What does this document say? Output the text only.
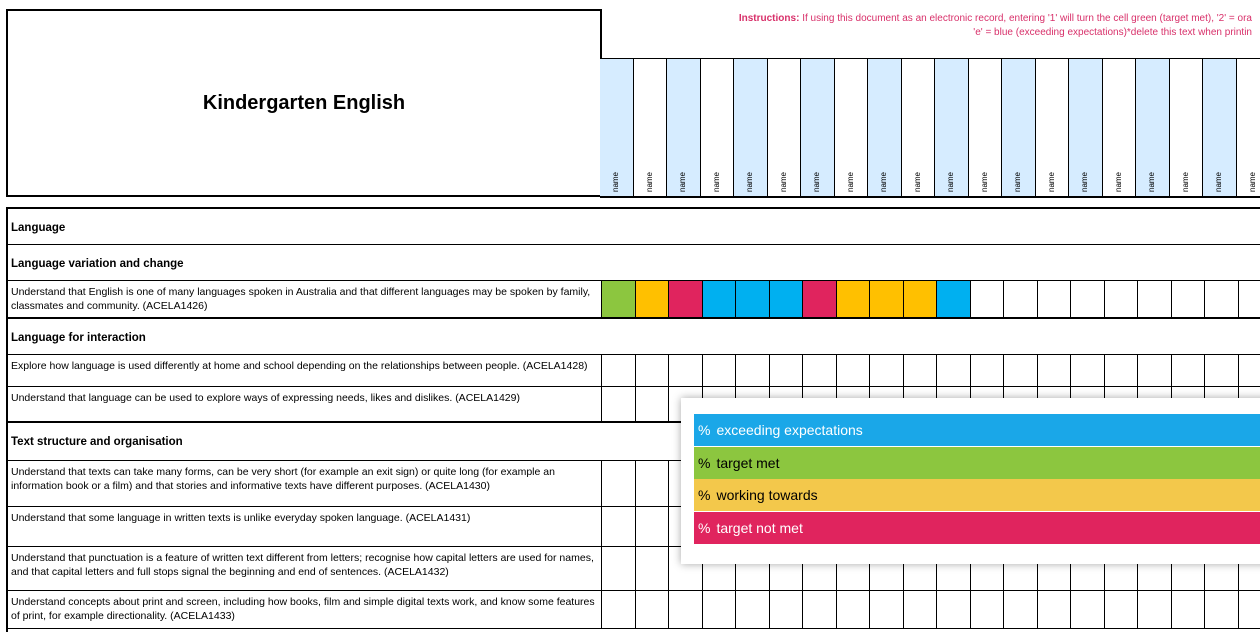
Kindergarten English
Instructions: If using this document as an electronic record, entering '1' will turn the cell green (target met), '2' = ora
'e' = blue (exceeding expectations)*delete this text when printin
name	name	name	name	name	name	name	name	name	name	name	name	name	name	name	name	name	name	name	name
Language
Language variation and change
Understand that English is one of many languages spoken in Australia and that different languages may be spoken by family, classmates and community. (ACELA1426)
Language for interaction
Explore how language is used differently at home and school depending on the relationships between people. (ACELA1428)
Understand that language can be used to explore ways of expressing needs, likes and dislikes. (ACELA1429)
Text structure and organisation
Understand that texts can take many forms, can be very short (for example an exit sign) or quite long (for example an information book or a film) and that stories and informative texts have different purposes. (ACELA1430)
Understand that some language in written texts is unlike everyday spoken language. (ACELA1431)
Understand that punctuation is a feature of written text different from letters; recognise how capital letters are used for names, and that capital letters and full stops signal the beginning and end of sentences. (ACELA1432)
Understand concepts about print and screen, including how books, film and simple digital texts work, and know some features of print, for example directionality. (ACELA1433)
% exceeding expectations
% target met
% working towards
% target not met
